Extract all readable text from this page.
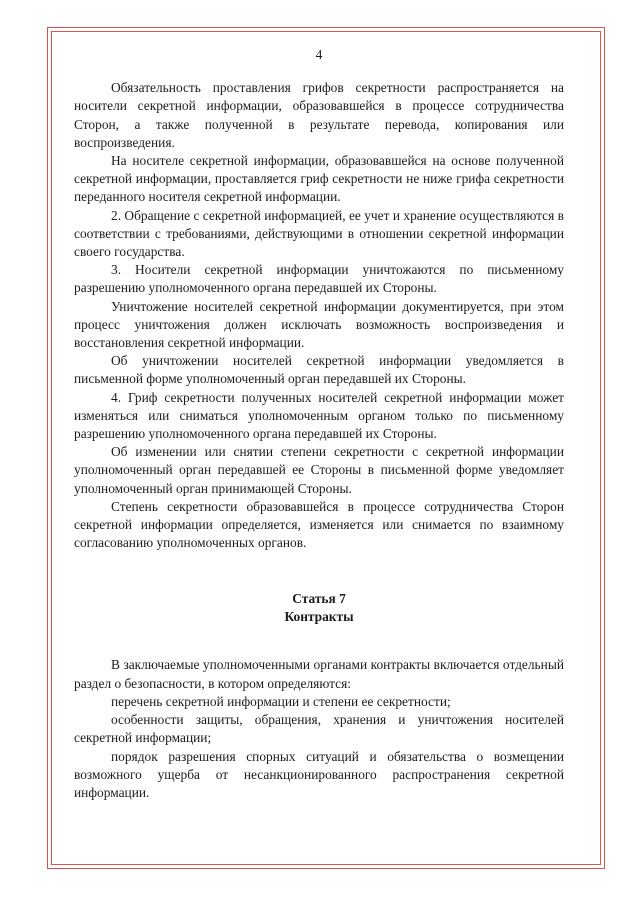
4

Обязательность проставления грифов секретности распространяется на носители секретной информации, образовавшейся в процессе сотрудничества Сторон, а также полученной в результате перевода, копирования или воспроизведения.

На носителе секретной информации, образовавшейся на основе полученной секретной информации, проставляется гриф секретности не ниже грифа секретности переданного носителя секретной информации.

2. Обращение с секретной информацией, ее учет и хранение осуществляются в соответствии с требованиями, действующими в отношении секретной информации своего государства.

3. Носители секретной информации уничтожаются по письменному разрешению уполномоченного органа передавшей их Стороны.

Уничтожение носителей секретной информации документируется, при этом процесс уничтожения должен исключать возможность воспроизведения и восстановления секретной информации.

Об уничтожении носителей секретной информации уведомляется в письменной форме уполномоченный орган передавшей их Стороны.

4. Гриф секретности полученных носителей секретной информации может изменяться или сниматься уполномоченным органом только по письменному разрешению уполномоченного органа передавшей их Стороны.

Об изменении или снятии степени секретности с секретной информации уполномоченный орган передавшей ее Стороны в письменной форме уведомляет уполномоченный орган принимающей Стороны.

Степень секретности образовавшейся в процессе сотрудничества Сторон секретной информации определяется, изменяется или снимается по взаимному согласованию уполномоченных органов.

Статья 7
Контракты

В заключаемые уполномоченными органами контракты включается отдельный раздел о безопасности, в котором определяются:

перечень секретной информации и степени ее секретности;

особенности защиты, обращения, хранения и уничтожения носителей секретной информации;

порядок разрешения спорных ситуаций и обязательства о возмещении возможного ущерба от несанкционированного распространения секретной информации.
